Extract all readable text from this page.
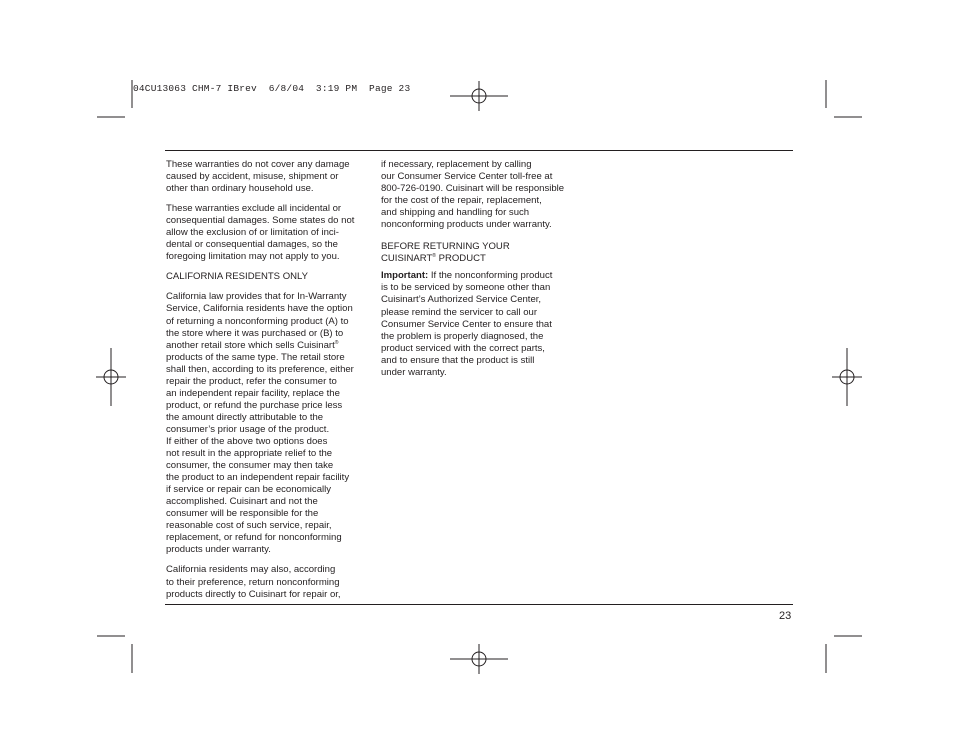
04CU13063 CHM-7 IBrev  6/8/04  3:19 PM  Page 23

These warranties do not cover any damage
caused by accident, misuse, shipment or
other than ordinary household use.

These warranties exclude all incidental or
consequential damages. Some states do not
allow the exclusion of or limitation of inci-
dental or consequential damages, so the
foregoing limitation may not apply to you.

CALIFORNIA RESIDENTS ONLY

California law provides that for In-Warranty
Service, California residents have the option
of returning a nonconforming product (A) to
the store where it was purchased or (B) to
another retail store which sells Cuisinart®
products of the same type. The retail store
shall then, according to its preference, either
repair the product, refer the consumer to
an independent repair facility, replace the
product, or refund the purchase price less
the amount directly attributable to the
consumer’s prior usage of the product.
If either of the above two options does
not result in the appropriate relief to the
consumer, the consumer may then take
the product to an independent repair facility
if service or repair can be economically
accomplished. Cuisinart and not the
consumer will be responsible for the
reasonable cost of such service, repair,
replacement, or refund for nonconforming
products under warranty.

California residents may also, according
to their preference, return nonconforming
products directly to Cuisinart for repair or,

if necessary, replacement by calling
our Consumer Service Center toll-free at
800-726-0190. Cuisinart will be responsible
for the cost of the repair, replacement,
and shipping and handling for such
nonconforming products under warranty.

BEFORE RETURNING YOUR
CUISINART® PRODUCT

Important: If the nonconforming product
is to be serviced by someone other than
Cuisinart’s Authorized Service Center,
please remind the servicer to call our
Consumer Service Center to ensure that
the problem is properly diagnosed, the
product serviced with the correct parts,
and to ensure that the product is still
under warranty.

23
